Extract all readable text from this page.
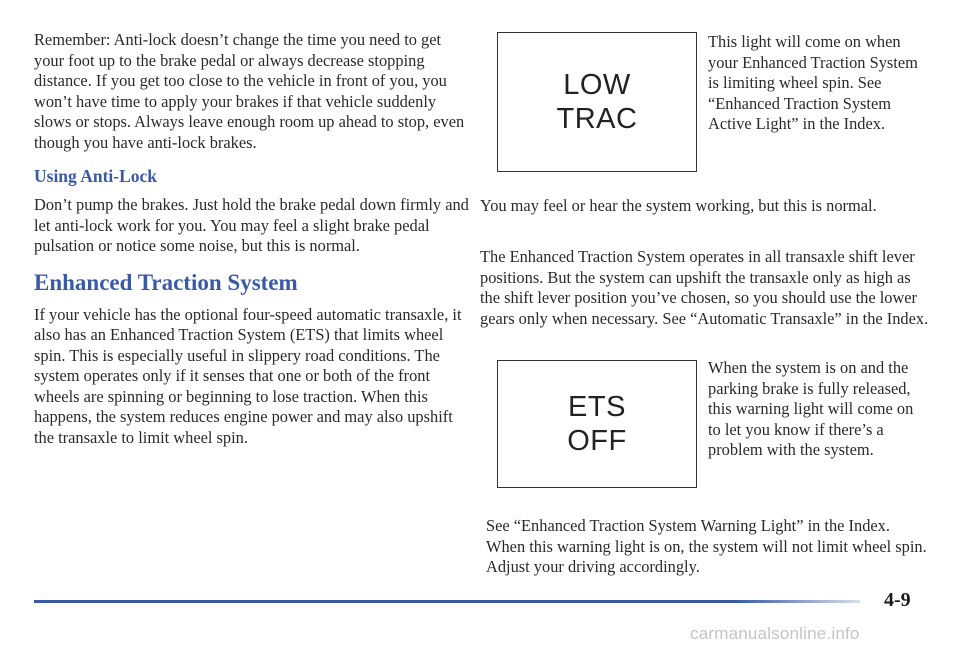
Remember: Anti-lock doesn’t change the time you need to get your foot up to the brake pedal or always decrease stopping distance. If you get too close to the vehicle in front of you, you won’t have time to apply your brakes if that vehicle suddenly slows or stops. Always leave enough room up ahead to stop, even though you have anti-lock brakes.

Using Anti-Lock

Don’t pump the brakes. Just hold the brake pedal down firmly and let anti-lock work for you. You may feel a slight brake pedal pulsation or notice some noise, but this is normal.

Enhanced Traction System

If your vehicle has the optional four-speed automatic transaxle, it also has an Enhanced Traction System (ETS) that limits wheel spin. This is especially useful in slippery road conditions. The system operates only if it senses that one or both of the front wheels are spinning or beginning to lose traction. When this happens, the system reduces engine power and may also upshift the transaxle to limit wheel spin.

LOW
TRAC
This light will come on when your Enhanced Traction System is limiting wheel spin. See “Enhanced Traction System Active Light” in the Index.
You may feel or hear the system working, but this is normal.
The Enhanced Traction System operates in all transaxle shift lever positions. But the system can upshift the transaxle only as high as the shift lever position you’ve chosen, so you should use the lower gears only when necessary. See “Automatic Transaxle” in the Index.
ETS
OFF
When the system is on and the parking brake is fully released, this warning light will come on to let you know if there’s a problem with the system.
See “Enhanced Traction System Warning Light” in the Index. When this warning light is on, the system will not limit wheel spin. Adjust your driving accordingly.
4-9
carmanualsonline.info
